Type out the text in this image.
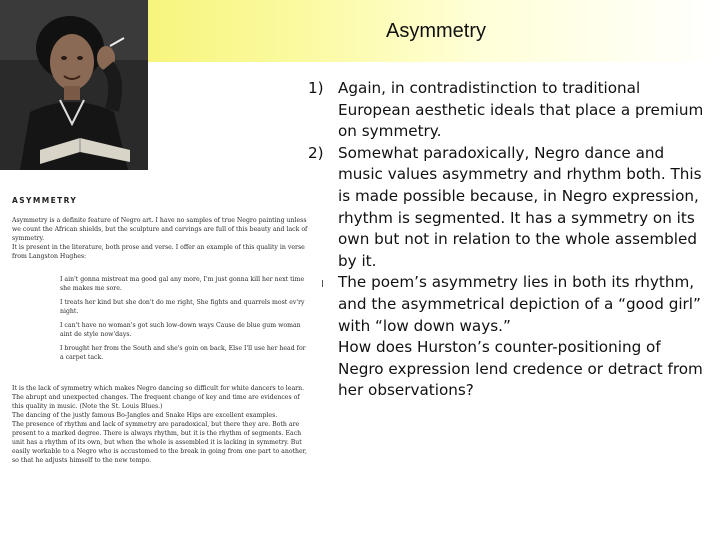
Asymmetry
ASYMMETRY

Asymmetry is a definite feature of Negro art. I have no samples of true Negro painting unless we count the African shields, but the sculpture and carvings are full of this beauty and lack of symmetry.

It is present in the literature, both prose and verse. I offer an example of this quality in verse from Langston Hughes:

I ain't gonna mistreat ma good gal any more, I'm just gonna kill her next time she makes me sore.

I treats her kind but she don't do me right, She fights and quarrels most ev'ry night.

I can't have no woman's got such low-down ways Cause de blue gum woman aint de style now'days.

I brought her from the South and she's goin on back, Else I'll use her head for a carpet tack.

It is the lack of symmetry which makes Negro dancing so difficult for white dancers to learn. The abrupt and unexpected changes. The frequent change of key and time are evidences of this quality in music. (Note the St. Louis Blues.)

The dancing of the justly famous Bo-Jangles and Snake Hips are excellent examples.

The presence of rhythm and lack of symmetry are paradoxical, but there they are. Both are present to a marked degree. There is always rhythm, but it is the rhythm of segments. Each unit has a rhythm of its own, but when the whole is assembled it is lacking in symmetry. But easily workable to a Negro who is accustomed to the break in going from one part to another, so that he adjusts himself to the new tempo.

1) Again, in contradistinction to traditional European aesthetic ideals that place a premium on symmetry.
2) Somewhat paradoxically, Negro dance and music values asymmetry and rhythm both. This is made possible because, in Negro expression, rhythm is segmented. It has a symmetry on its own but not in relation to the whole assembled by it.
The poem’s asymmetry lies in both its rhythm, and the asymmetrical depiction of a “good girl” with “low down ways.”
How does Hurston’s counter-positioning of Negro expression lend credence or detract from her observations?
